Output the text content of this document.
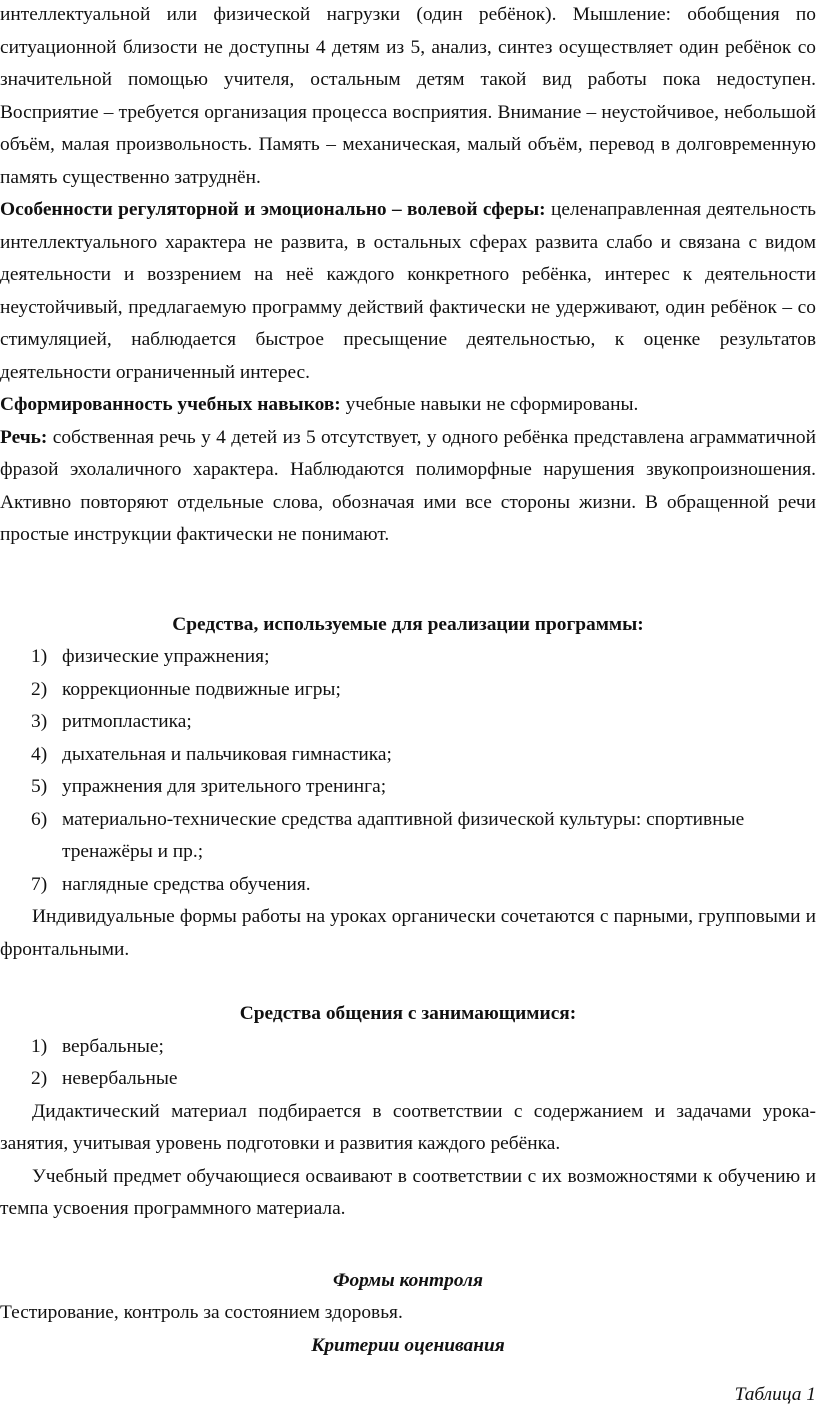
интеллектуальной или физической нагрузки (один ребёнок). Мышление: обобщения по ситуационной близости не доступны 4 детям из 5, анализ, синтез осуществляет один ребёнок со значительной помощью учителя, остальным детям такой вид работы пока недоступен. Восприятие – требуется организация процесса восприятия. Внимание – неустойчивое, небольшой объём, малая произвольность. Память – механическая, малый объём, перевод в долговременную память существенно затруднён.

Особенности регуляторной и эмоционально – волевой сферы: целенаправленная деятельность интеллектуального характера не развита, в остальных сферах развита слабо и связана с видом деятельности и воззрением на неё каждого конкретного ребёнка, интерес к деятельности неустойчивый, предлагаемую программу действий фактически не удерживают, один ребёнок – со стимуляцией, наблюдается быстрое пресыщение деятельностью, к оценке результатов деятельности ограниченный интерес.

Сформированность учебных навыков: учебные навыки не сформированы.

Речь: собственная речь у 4 детей из 5 отсутствует, у одного ребёнка представлена аграмматичной фразой эхолаличного характера. Наблюдаются полиморфные нарушения звукопроизношения. Активно повторяют отдельные слова, обозначая ими все стороны жизни. В обращенной речи простые инструкции фактически не понимают.

Средства, используемые для реализации программы:

1) физические упражнения;
2) коррекционные подвижные игры;
3) ритмопластика;
4) дыхательная и пальчиковая гимнастика;
5) упражнения для зрительного тренинга;
6) материально-технические средства адаптивной физической культуры: спортивные тренажёры и пр.;
7) наглядные средства обучения.

Индивидуальные формы работы на уроках органически сочетаются с парными, групповыми и фронтальными.

Средства общения с занимающимися:

1) вербальные;
2) невербальные

Дидактический материал подбирается в соответствии с содержанием и задачами урока-занятия, учитывая уровень подготовки и развития каждого ребёнка.

Учебный предмет обучающиеся осваивают в соответствии с их возможностями к обучению и темпа усвоения программного материала.

Формы контроля

Тестирование, контроль за состоянием здоровья.

Критерии оценивания

Таблица 1
